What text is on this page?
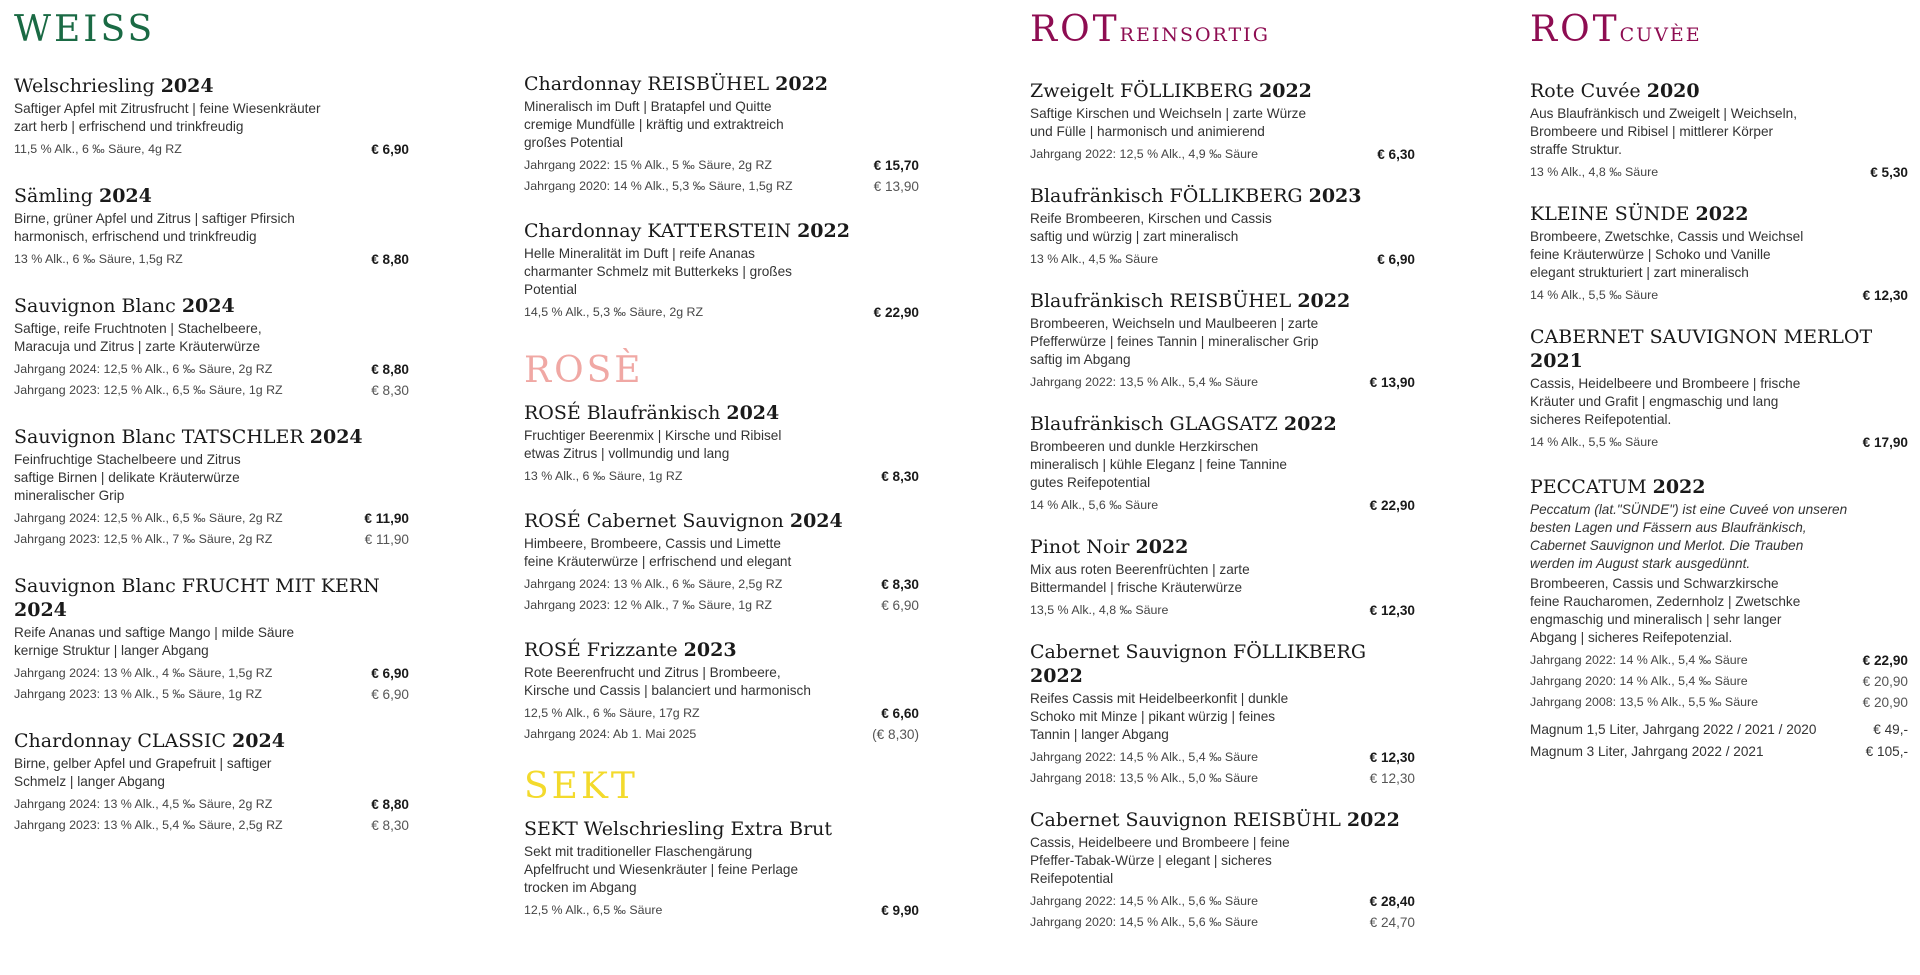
WEISS
Welschriesling 2024
Saftiger Apfel mit Zitrusfrucht | feine Wiesenkräuter
zart herb | erfrischend und trinkfreudig
11,5 % Alk., 6 ‰ Säure, 4g RZ	€ 6,90
Sämling 2024
Birne, grüner Apfel und Zitrus | saftiger Pfirsich
harmonisch, erfrischend und trinkfreudig
13 % Alk., 6 ‰ Säure, 1,5g RZ	€ 8,80
Sauvignon Blanc 2024
Saftige, reife Fruchtnoten | Stachelbeere,
Maracuja und Zitrus | zarte Kräuterwürze
Jahrgang 2024: 12,5 % Alk., 6 ‰ Säure, 2g RZ	€ 8,80
Jahrgang 2023: 12,5 % Alk., 6,5 ‰ Säure, 1g RZ	€ 8,30
Sauvignon Blanc TATSCHLER 2024
Feinfruchtige Stachelbeere und Zitrus
saftige Birnen | delikate Kräuterwürze
mineralischer Grip
Jahrgang 2024: 12,5 % Alk., 6,5 ‰ Säure, 2g RZ	€ 11,90
Jahrgang 2023: 12,5 % Alk., 7 ‰ Säure, 2g RZ	€ 11,90
Sauvignon Blanc FRUCHT MIT KERN 2024
Reife Ananas und saftige Mango | milde Säure
kernige Struktur | langer Abgang
Jahrgang 2024: 13 % Alk., 4 ‰ Säure, 1,5g RZ	€ 6,90
Jahrgang 2023: 13 % Alk., 5 ‰ Säure, 1g RZ	€ 6,90
Chardonnay CLASSIC 2024
Birne, gelber Apfel und Grapefruit | saftiger
Schmelz | langer Abgang
Jahrgang 2024: 13 % Alk., 4,5 ‰ Säure, 2g RZ	€ 8,80
Jahrgang 2023: 13 % Alk., 5,4 ‰ Säure, 2,5g RZ	€ 8,30
Chardonnay REISBÜHEL 2022
Mineralisch im Duft | Bratapfel und Quitte
cremige Mundfülle | kräftig und extraktreich
großes Potential
Jahrgang 2022: 15 % Alk., 5 ‰ Säure, 2g RZ	€ 15,70
Jahrgang 2020: 14 % Alk., 5,3 ‰ Säure, 1,5g RZ	€ 13,90
Chardonnay KATTERSTEIN 2022
Helle Mineralität im Duft | reife Ananas
charmanter Schmelz mit Butterkeks | großes
Potential
14,5 % Alk., 5,3 ‰ Säure, 2g RZ	€ 22,90
ROSÈ
ROSÉ Blaufränkisch 2024
Fruchtiger Beerenmix | Kirsche und Ribisel
etwas Zitrus | vollmundig und lang
13 % Alk., 6 ‰ Säure, 1g RZ	€ 8,30
ROSÉ Cabernet Sauvignon 2024
Himbeere, Brombeere, Cassis und Limette
feine Kräuterwürze | erfrischend und elegant
Jahrgang 2024: 13 % Alk., 6 ‰ Säure, 2,5g RZ	€ 8,30
Jahrgang 2023: 12 % Alk., 7 ‰ Säure, 1g RZ	€ 6,90
ROSÉ Frizzante 2023
Rote Beerenfrucht und Zitrus | Brombeere,
Kirsche und Cassis | balanciert und harmonisch
12,5 % Alk., 6 ‰ Säure, 17g RZ	€ 6,60
Jahrgang 2024: Ab 1. Mai 2025	(€ 8,30)
SEKT
SEKT Welschriesling Extra Brut
Sekt mit traditioneller Flaschengärung
Apfelfrucht und Wiesenkräuter | feine Perlage
trocken im Abgang
12,5 % Alk., 6,5 ‰ Säure	€ 9,90
ROTREINSORTIG
Zweigelt FÖLLIKBERG 2022
Saftige Kirschen und Weichseln | zarte Würze
und Fülle | harmonisch und animierend
Jahrgang 2022: 12,5 % Alk., 4,9 ‰ Säure	€ 6,30
Blaufränkisch FÖLLIKBERG 2023
Reife Brombeeren, Kirschen und Cassis
saftig und würzig | zart mineralisch
13 % Alk., 4,5 ‰ Säure	€ 6,90
Blaufränkisch REISBÜHEL 2022
Brombeeren, Weichseln und Maulbeeren | zarte
Pfefferwürze | feines Tannin | mineralischer Grip
saftig im Abgang
Jahrgang 2022: 13,5 % Alk., 5,4 ‰ Säure	€ 13,90
Blaufränkisch GLAGSATZ 2022
Brombeeren und dunkle Herzkirschen
mineralisch | kühle Eleganz | feine Tannine
gutes Reifepotential
14 % Alk., 5,6 ‰ Säure	€ 22,90
Pinot Noir 2022
Mix aus roten Beerenfrüchten | zarte
Bittermandel | frische Kräuterwürze
13,5 % Alk., 4,8 ‰ Säure	€ 12,30
Cabernet Sauvignon FÖLLIKBERG 2022
Reifes Cassis mit Heidelbeerkonfit | dunkle
Schoko mit Minze | pikant würzig | feines
Tannin | langer Abgang
Jahrgang 2022: 14,5 % Alk., 5,4 ‰ Säure	€ 12,30
Jahrgang 2018: 13,5 % Alk., 5,0 ‰ Säure	€ 12,30
Cabernet Sauvignon REISBÜHL 2022
Cassis, Heidelbeere und Brombeere | feine
Pfeffer-Tabak-Würze | elegant | sicheres
Reifepotential
Jahrgang 2022: 14,5 % Alk., 5,6 ‰ Säure	€ 28,40
Jahrgang 2020: 14,5 % Alk., 5,6 ‰ Säure	€ 24,70
ROTCUVÈE
Rote Cuvée 2020
Aus Blaufränkisch und Zweigelt | Weichseln,
Brombeere und Ribisel | mittlerer Körper
straffe Struktur.
13 % Alk., 4,8 ‰ Säure	€ 5,30
KLEINE SÜNDE 2022
Brombeere, Zwetschke, Cassis und Weichsel
feine Kräuterwürze | Schoko und Vanille
elegant strukturiert | zart mineralisch
14 % Alk., 5,5 ‰ Säure	€ 12,30
CABERNET SAUVIGNON MERLOT 2021
Cassis, Heidelbeere und Brombeere | frische
Kräuter und Grafit | engmaschig und lang
sicheres Reifepotential.
14 % Alk., 5,5 ‰ Säure	€ 17,90
PECCATUM 2022
Peccatum (lat."SÜNDE") ist eine Cuveé von unseren
besten Lagen und Fässern aus Blaufränkisch,
Cabernet Sauvignon und Merlot. Die Trauben
werden im August stark ausgedünnt.
Brombeeren, Cassis und Schwarzkirsche
feine Raucharomen, Zedernholz | Zwetschke
engmaschig und mineralisch | sehr langer
Abgang | sicheres Reifepotenzial.
Jahrgang 2022: 14 % Alk., 5,4 ‰ Säure	€ 22,90
Jahrgang 2020: 14 % Alk., 5,4 ‰ Säure	€ 20,90
Jahrgang 2008: 13,5 % Alk., 5,5 ‰ Säure	€ 20,90
Magnum 1,5 Liter, Jahrgang 2022 / 2021 / 2020	€ 49,-
Magnum 3 Liter, Jahrgang 2022 / 2021	€ 105,-
